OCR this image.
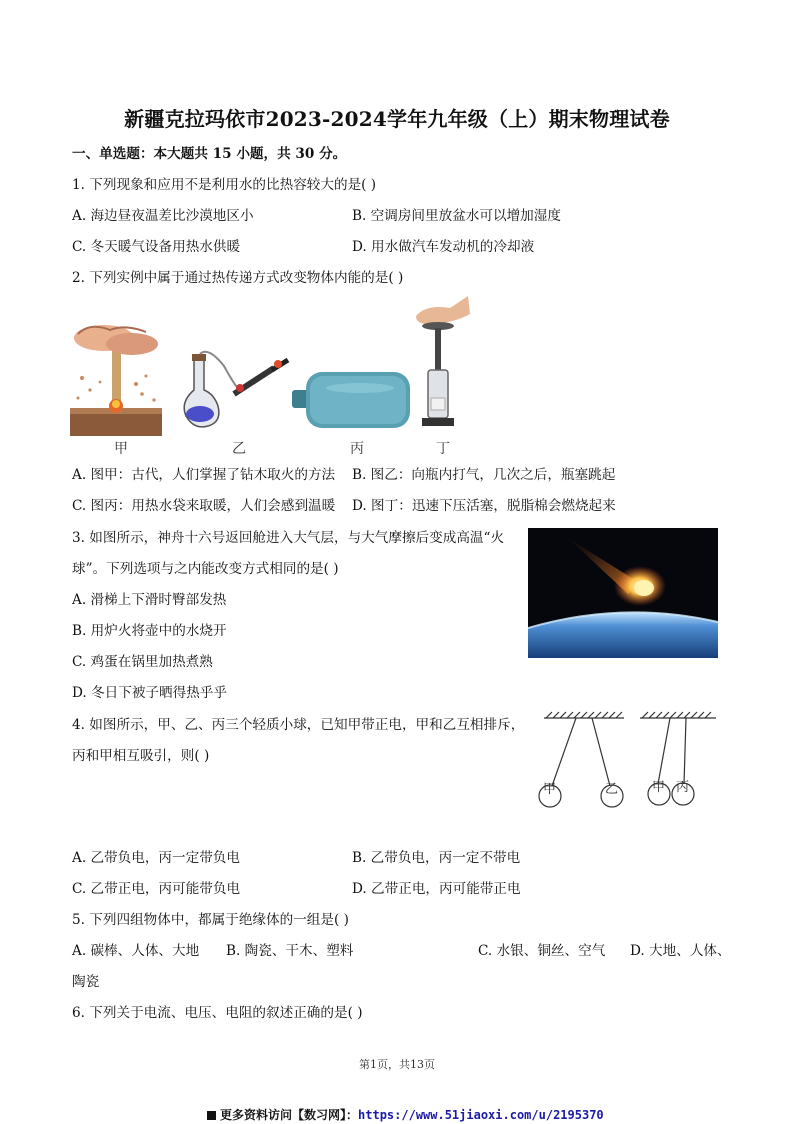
新疆克拉玛依市2023-2024学年九年级（上）期末物理试卷
一、单选题：本大题共 15 小题，共 30 分。
1. 下列现象和应用不是利用水的比热容较大的是( )
A. 海边昼夜温差比沙漠地区小	B. 空调房间里放盆水可以增加湿度
C. 冬天暖气设备用热水供暖	D. 用水做汽车发动机的冷却液
2. 下列实例中属于通过热传递方式改变物体内能的是( )
甲	乙	丙	丁
A. 图甲：古代，人们掌握了钻木取火的方法 B. 图乙：向瓶内打气，几次之后，瓶塞跳起
C. 图丙：用热水袋来取暖，人们会感到温暖 D. 图丁：迅速下压活塞，脱脂棉会燃烧起来
3. 如图所示，神舟十六号返回舱进入大气层，与大气摩擦后变成高温“火
球”。下列选项与之内能改变方式相同的是( )
A. 滑梯上下滑时臀部发热
B. 用炉火将壶中的水烧开
C. 鸡蛋在锅里加热煮熟
D. 冬日下被子晒得热乎乎
4. 如图所示，甲、乙、丙三个轻质小球，已知甲带正电，甲和乙互相排斥，
丙和甲相互吸引，则( )
甲	乙	甲 丙
A. 乙带负电，丙一定带负电	B. 乙带负电，丙一定不带电
C. 乙带正电，丙可能带负电	D. 乙带正电，丙可能带正电
5. 下列四组物体中，都属于绝缘体的一组是( )
A. 碳棒、人体、大地 B. 陶瓷、干木、塑料	C. 水银、铜丝、空气 D. 大地、人体、
陶瓷
6. 下列关于电流、电压、电阻的叙述正确的是( )
第1页，共13页
更多资料访问【数习网】：https://www.51jiaoxi.com/u/2195370
